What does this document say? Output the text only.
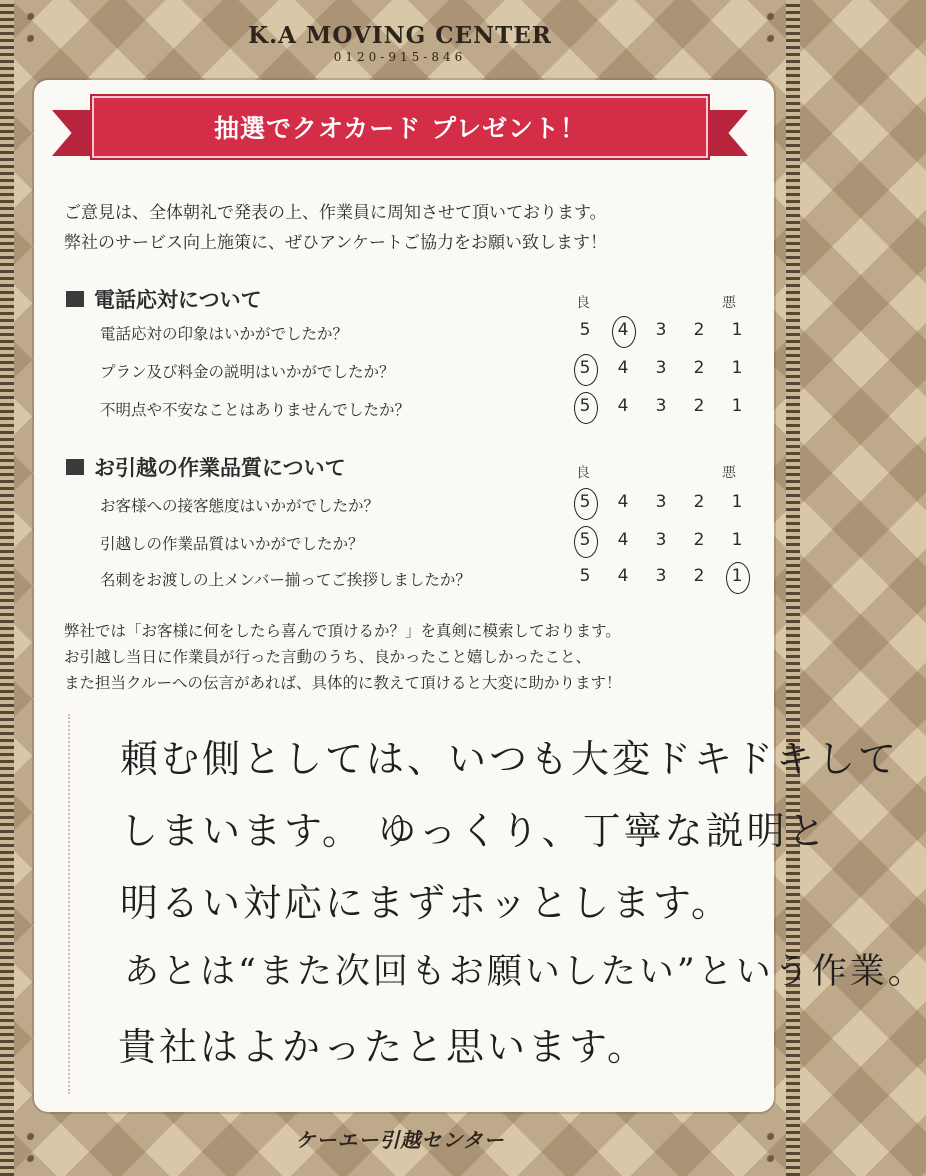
K.A MOVING CENTER
0120-915-846
抽選でクオカード プレゼント！
ご意見は、全体朝礼で発表の上、作業員に周知させて頂いております。
弊社のサービス向上施策に、ぜひアンケートご協力をお願い致します！
電話応対について	良	悪
電話応対の印象はいかがでしたか？	5	4	3	2	1
プラン及び料金の説明はいかがでしたか？	5	4	3	2	1
不明点や不安なことはありませんでしたか？	5	4	3	2	1
お引越の作業品質について	良	悪
お客様への接客態度はいかがでしたか？	5	4	3	2	1
引越しの作業品質はいかがでしたか？	5	4	3	2	1
名刺をお渡しの上メンバー揃ってご挨拶しましたか？	5	4	3	2	1
弊社では「お客様に何をしたら喜んで頂けるか？」を真剣に模索しております。
お引越し当日に作業員が行った言動のうち、良かったこと嬉しかったこと、
また担当クルーへの伝言があれば、具体的に教えて頂けると大変に助かります！
頼む側としては、いつも大変ドキドキして
しまいます。 ゆっくり、丁寧な説明と
明るい対応にまずホッとします。
あとは“また次回もお願いしたい”という作業。
貴社はよかったと思います。
ケーエー引越センター
